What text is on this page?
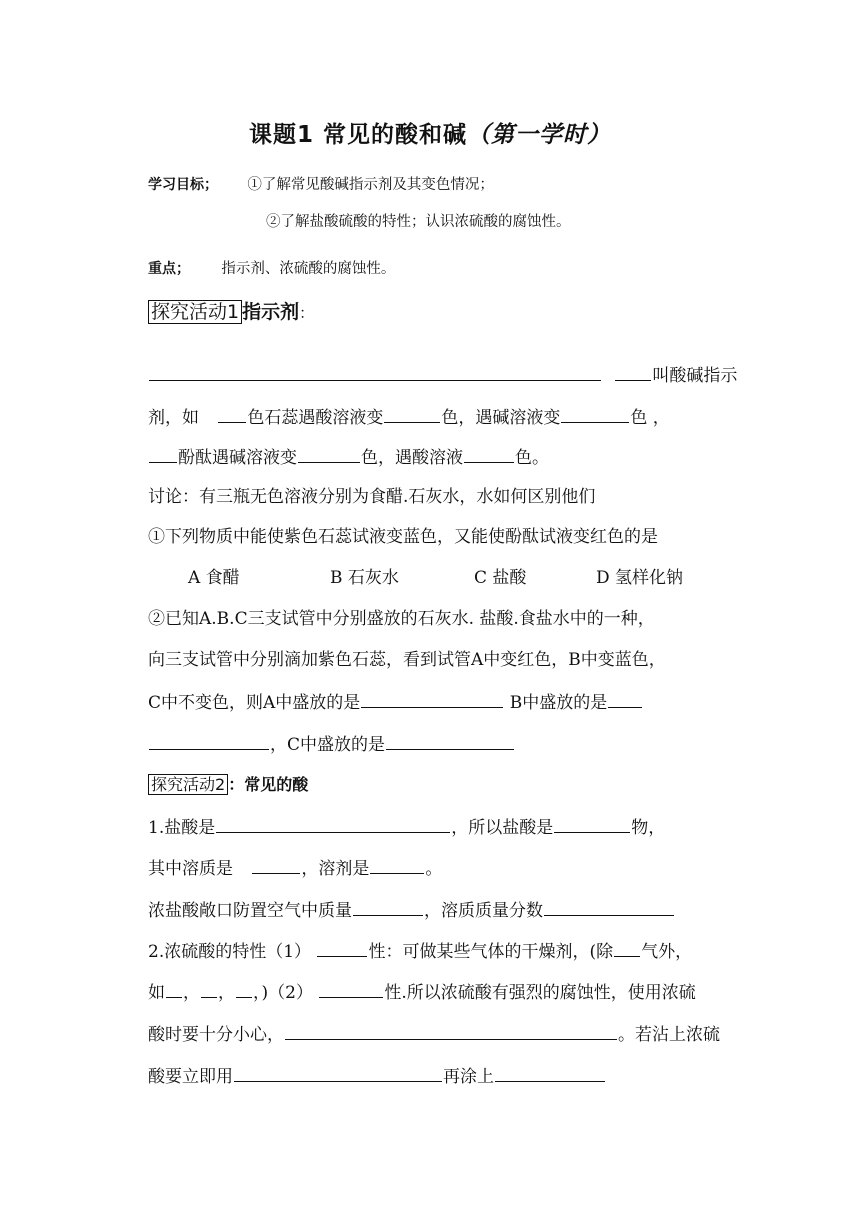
课题1 常见的酸和碱（第一学时）
学习目标； ①了解常见酸碱指示剂及其变色情况；
②了解盐酸硫酸的特性；认识浓硫酸的腐蚀性。
重点； 指示剂、浓硫酸的腐蚀性。
探究活动1 指示剂：
叫酸碱指示
剂，如	色石蕊遇酸溶液变	色，遇碱溶液变	色 ，
酚酞遇碱溶液变	色，遇酸溶液	色。
讨论：有三瓶无色溶液分别为食醋.石灰水，水如何区别他们
①下列物质中能使紫色石蕊试液变蓝色，又能使酚酞试液变红色的是
A 食醋	B 石灰水	C 盐酸	D 氢样化钠
②已知A.B.C三支试管中分别盛放的石灰水. 盐酸.食盐水中的一种，
向三支试管中分别滴加紫色石蕊，看到试管A中变红色，B中变蓝色，
C中不变色，则A中盛放的是	B中盛放的是
，C中盛放的是
探究活动2 ：常见的酸
1.盐酸是	，所以盐酸是	物，
其中溶质是	，溶剂是	。
浓盐酸敞口防置空气中质量	，溶质质量分数
2.浓硫酸的特性（1）	性：可做某些气体的干燥剂，(除 气外，
如 ， ， ，)（2）	性.所以浓硫酸有强烈的腐蚀性，使用浓硫
酸时要十分小心，	。若沾上浓硫
酸要立即用	再涂上
